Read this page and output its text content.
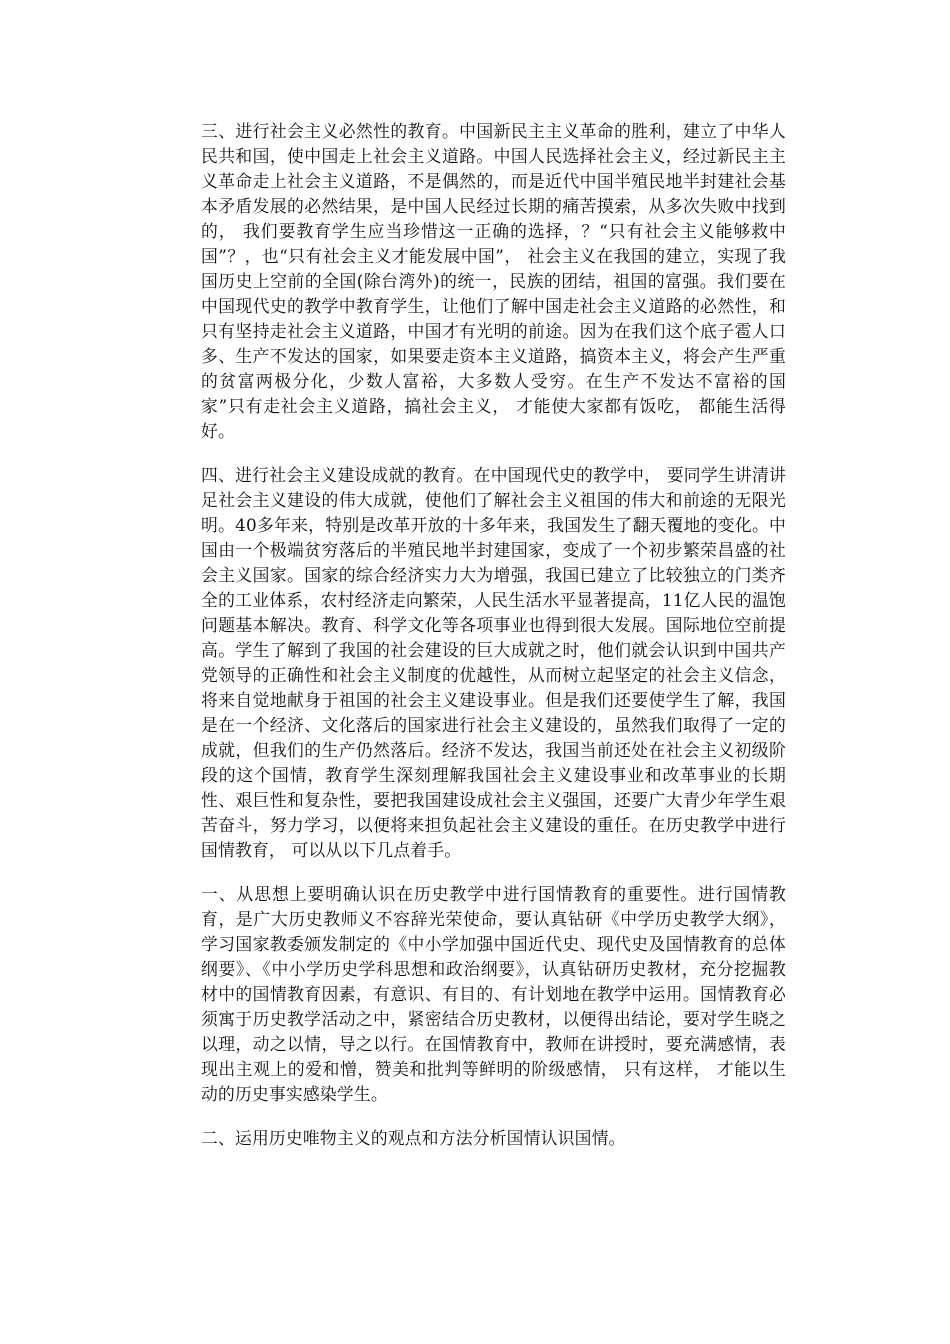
三、进行社会主义必然性的教育。中国新民主主义革命的胜利，建立了中华人民共和国，使中国走上社会主义道路。中国人民选择社会主义，经过新民主主义革命走上社会主义道路，不是偶然的，而是近代中国半殖民地半封建社会基本矛盾发展的必然结果，是中国人民经过长期的痛苦摸索，从多次失败中找到的， 我们要教育学生应当珍惜这一正确的选择，？“只有社会主义能够救中国”？，也“只有社会主义才能发展中国”， 社会主义在我国的建立，实现了我国历史上空前的全国(除台湾外)的统一，民族的团结，祖国的富强。我们要在中国现代史的教学中教育学生，让他们了解中国走社会主义道路的必然性，和只有坚持走社会主义道路，中国才有光明的前途。因为在我们这个底子雹人口多、生产不发达的国家，如果要走资本主义道路，搞资本主义，将会产生严重的贫富两极分化，少数人富裕，大多数人受穷。在生产不发达不富裕的国家”只有走社会主义道路，搞社会主义， 才能使大家都有饭吃， 都能生活得好。

四、进行社会主义建设成就的教育。在中国现代史的教学中， 要同学生讲清讲足社会主义建设的伟大成就，使他们了解社会主义祖国的伟大和前途的无限光明。40多年来，特别是改革开放的十多年来，我国发生了翻天覆地的变化。中国由一个极端贫穷落后的半殖民地半封建国家，变成了一个初步繁荣昌盛的社会主义国家。国家的综合经济实力大为增强，我国已建立了比较独立的门类齐全的工业体系，农村经济走向繁荣，人民生活水平显著提高，11亿人民的温饱问题基本解决。教育、科学文化等各项事业也得到很大发展。国际地位空前提高。学生了解到了我国的社会建设的巨大成就之时，他们就会认识到中国共产党领导的正确性和社会主义制度的优越性，从而树立起坚定的社会主义信念，将来自觉地献身于祖国的社会主义建设事业。但是我们还要使学生了解，我国是在一个经济、文化落后的国家进行社会主义建设的，虽然我们取得了一定的成就，但我们的生产仍然落后。经济不发达，我国当前还处在社会主义初级阶段的这个国情，教育学生深刻理解我国社会主义建设事业和改革事业的长期性、艰巨性和复杂性，要把我国建设成社会主义强国，还要广大青少年学生艰苦奋斗，努力学习，以便将来担负起社会主义建设的重任。在历史教学中进行国情教育， 可以从以下几点着手。

一、从思想上要明确认识在历史教学中进行国情教育的重要性。进行国情教育，是广大历史教师义不容辞光荣使命，要认真钻研《中学历史教学大纲》，学习国家教委颁发制定的《中小学加强中国近代史、现代史及国情教育的总体纲要》、《中小学历史学科思想和政治纲要》，认真钻研历史教材，充分挖掘教材中的国情教育因素，有意识、有目的、有计划地在教学中运用。国情教育必须寓于历史教学活动之中，紧密结合历史教材，以便得出结论，要对学生晓之以理，动之以情，导之以行。在国情教育中，教师在讲授时，要充满感情，表现出主观上的爱和憎，赞美和批判等鲜明的阶级感情， 只有这样， 才能以生动的历史事实感染学生。

二、运用历史唯物主义的观点和方法分析国情认识国情。
